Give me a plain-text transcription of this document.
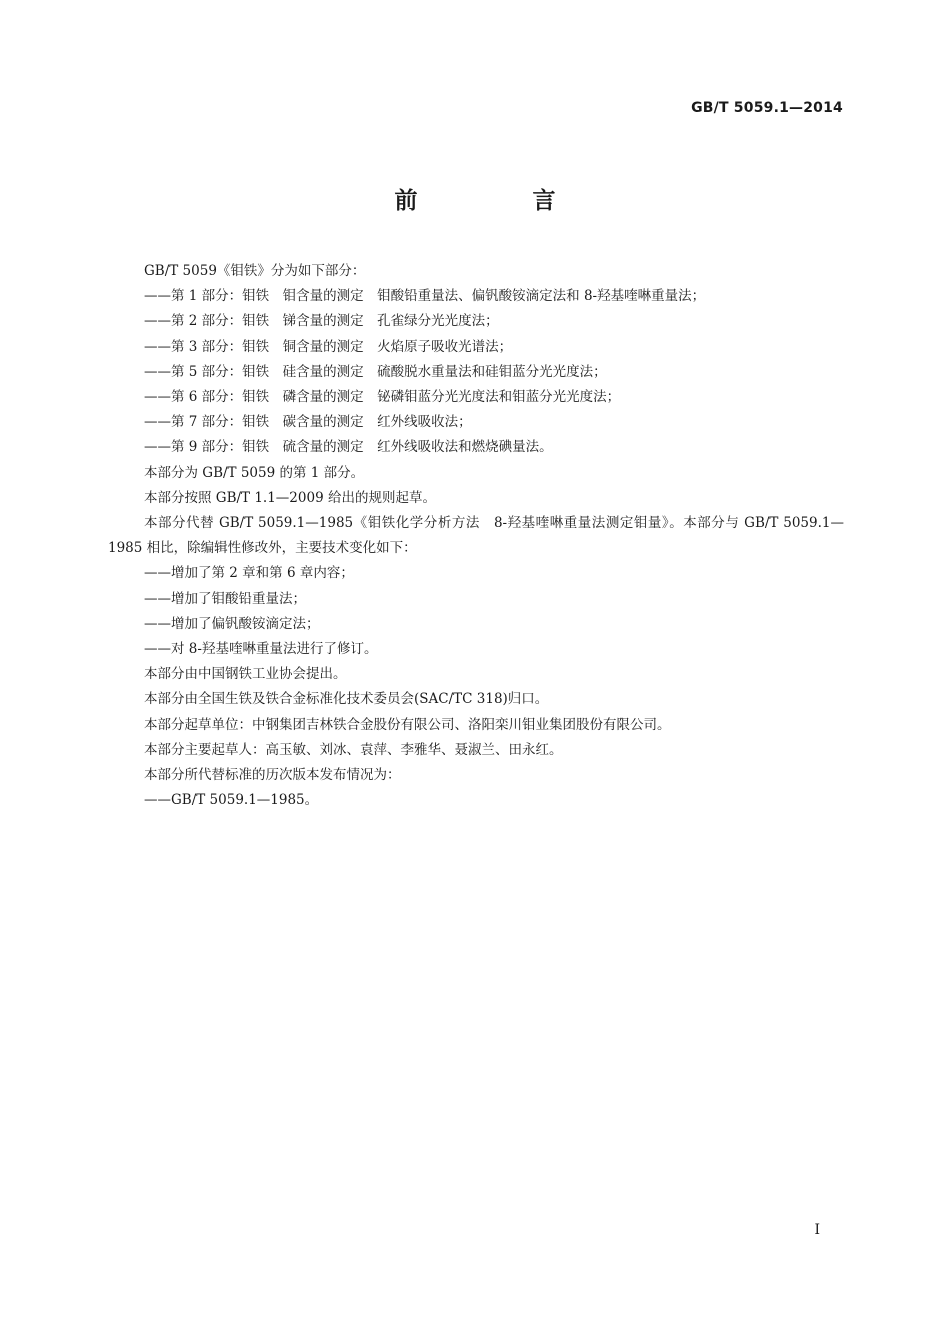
GB/T 5059.1—2014
前　言

GB/T 5059《钼铁》分为如下部分：

——第 1 部分：钼铁　钼含量的测定　钼酸铅重量法、偏钒酸铵滴定法和 8-羟基喹啉重量法；

——第 2 部分：钼铁　锑含量的测定　孔雀绿分光光度法；

——第 3 部分：钼铁　铜含量的测定　火焰原子吸收光谱法；

——第 5 部分：钼铁　硅含量的测定　硫酸脱水重量法和硅钼蓝分光光度法；

——第 6 部分：钼铁　磷含量的测定　铋磷钼蓝分光光度法和钼蓝分光光度法；

——第 7 部分：钼铁　碳含量的测定　红外线吸收法；

——第 9 部分：钼铁　硫含量的测定　红外线吸收法和燃烧碘量法。

本部分为 GB/T 5059 的第 1 部分。

本部分按照 GB/T 1.1—2009 给出的规则起草。

本部分代替 GB/T 5059.1—1985《钼铁化学分析方法　8-羟基喹啉重量法测定钼量》。本部分与 GB/T 5059.1—1985 相比，除编辑性修改外，主要技术变化如下：

——增加了第 2 章和第 6 章内容；

——增加了钼酸铅重量法；

——增加了偏钒酸铵滴定法；

——对 8-羟基喹啉重量法进行了修订。

本部分由中国钢铁工业协会提出。

本部分由全国生铁及铁合金标准化技术委员会(SAC/TC 318)归口。

本部分起草单位：中钢集团吉林铁合金股份有限公司、洛阳栾川钼业集团股份有限公司。

本部分主要起草人：高玉敏、刘冰、袁萍、李雅华、聂淑兰、田永红。

本部分所代替标准的历次版本发布情况为：

——GB/T 5059.1—1985。

I
